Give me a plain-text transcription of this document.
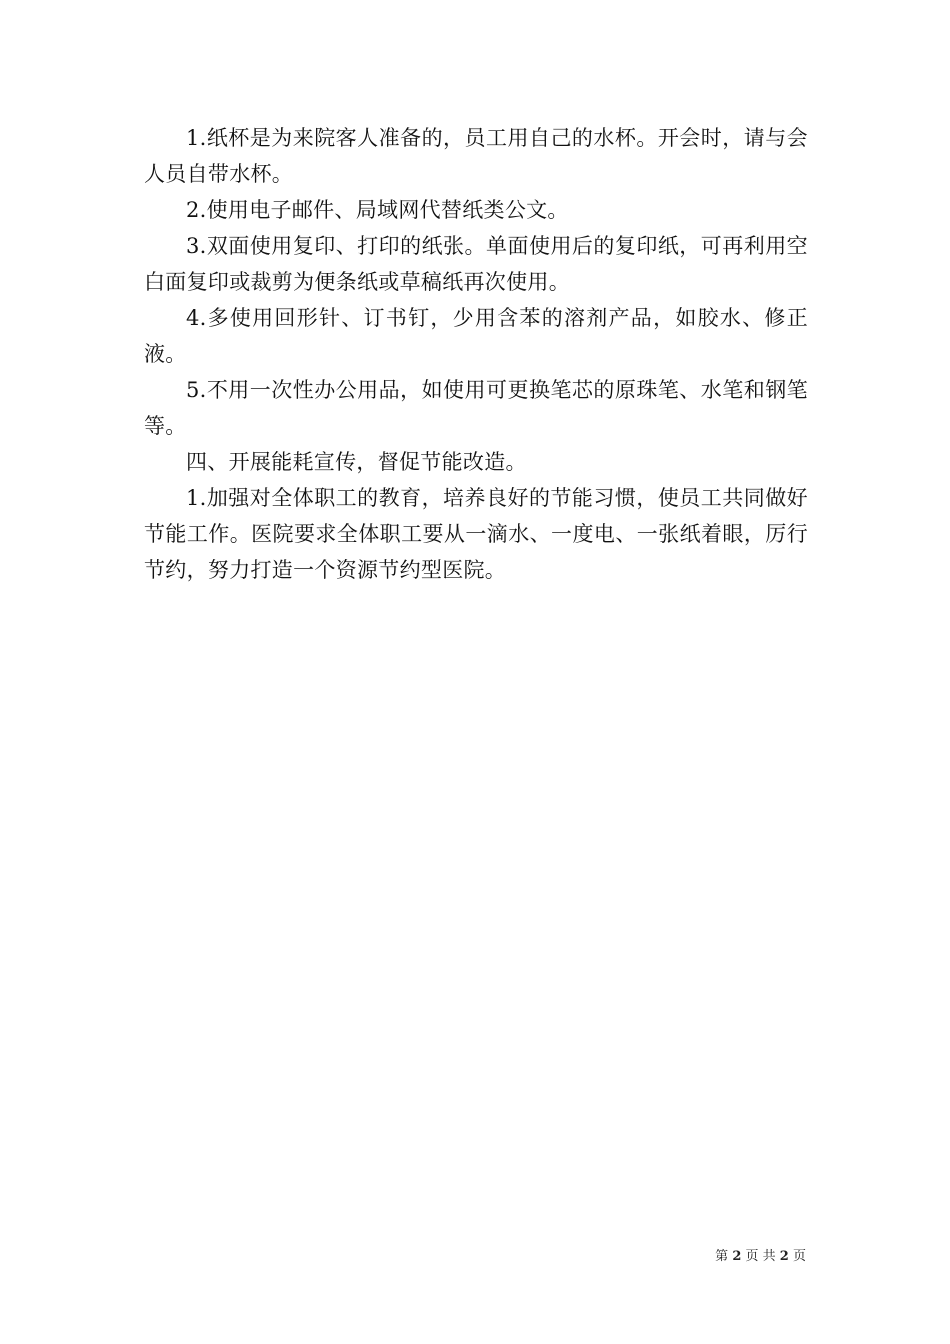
1.纸杯是为来院客人准备的，员工用自己的水杯。开会时，请与会人员自带水杯。

2.使用电子邮件、局域网代替纸类公文。

3.双面使用复印、打印的纸张。单面使用后的复印纸，可再利用空白面复印或裁剪为便条纸或草稿纸再次使用。

4.多使用回形针、订书钉，少用含苯的溶剂产品，如胶水、修正液。

5.不用一次性办公用品，如使用可更换笔芯的原珠笔、水笔和钢笔等。

四、开展能耗宣传，督促节能改造。

1.加强对全体职工的教育，培养良好的节能习惯，使员工共同做好节能工作。医院要求全体职工要从一滴水、一度电、一张纸着眼，厉行节约，努力打造一个资源节约型医院。

第 2 页 共 2 页
